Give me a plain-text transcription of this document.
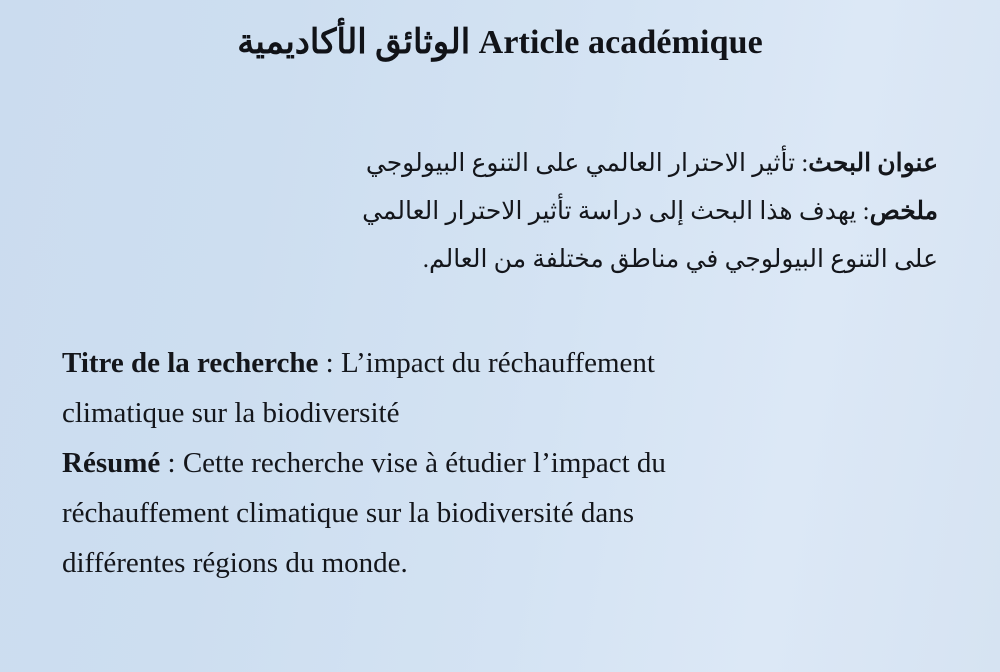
الوثائق الأكاديمية Article académique
عنوان البحث: تأثير الاحترار العالمي على التنوع البيولوجي
ملخص: يهدف هذا البحث إلى دراسة تأثير الاحترار العالمي
على التنوع البيولوجي في مناطق مختلفة من العالم.

Titre de la recherche : L’impact du réchauffement
climatique sur la biodiversité

Résumé : Cette recherche vise à étudier l’impact du
réchauffement climatique sur la biodiversité dans
différentes régions du monde.
